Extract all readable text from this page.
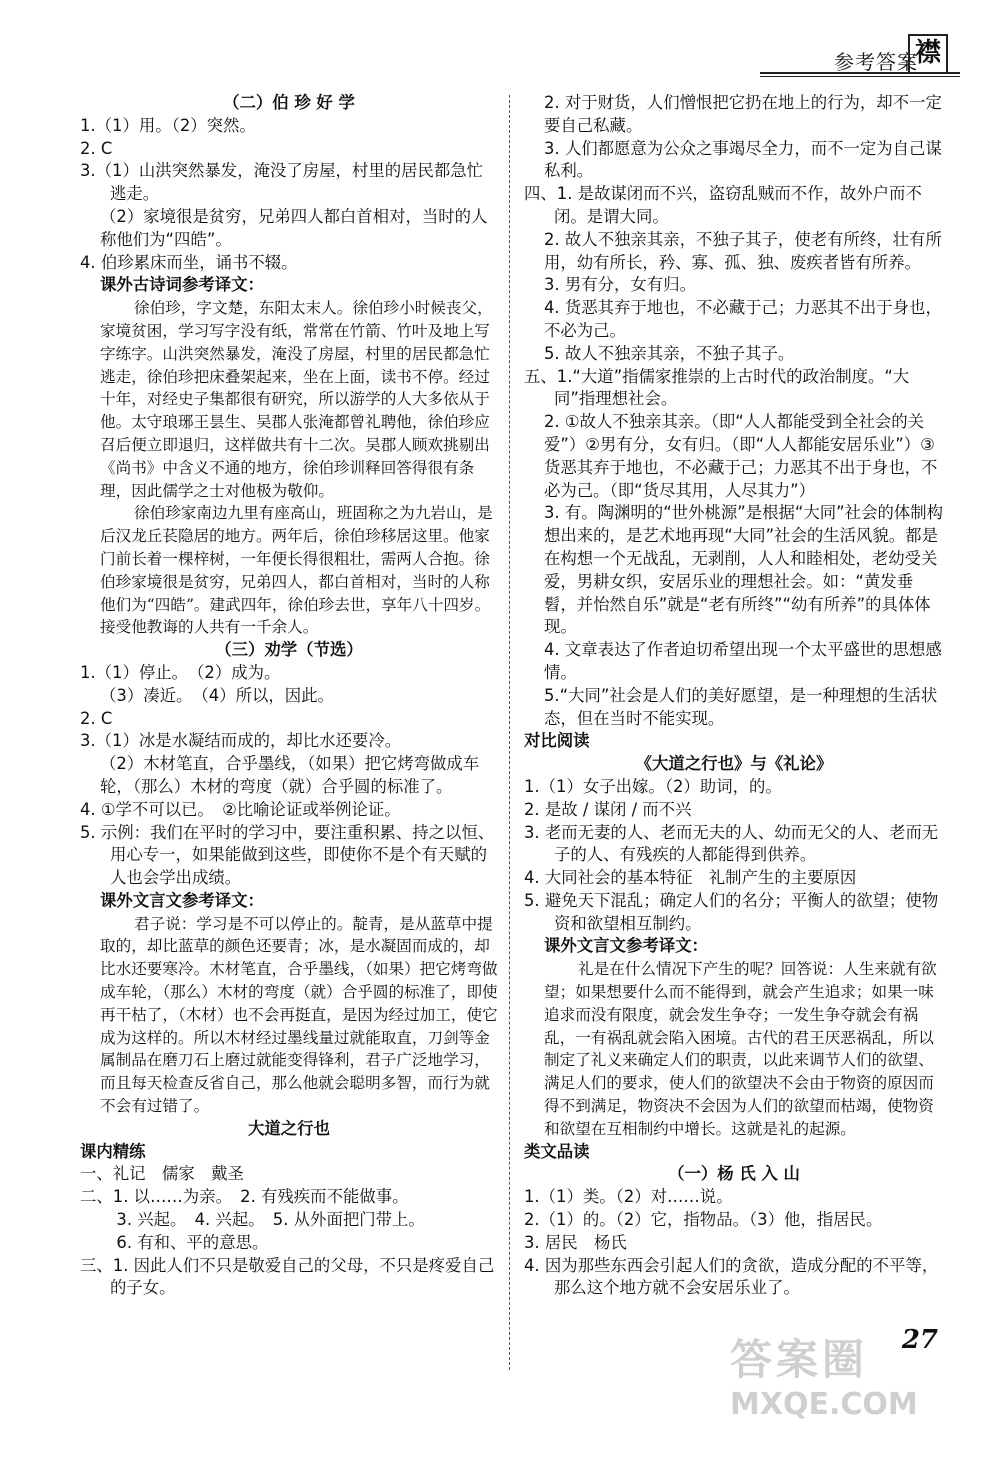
参考答案
襟

（二）伯 珍 好 学

1.（1）用。（2）突然。

2. C

3.（1）山洪突然暴发，淹没了房屋，村里的居民都急忙逃走。

（2）家境很是贫穷，兄弟四人都白首相对，当时的人称他们为“四皓”。

4. 伯珍累床而坐，诵书不辍。

课外古诗词参考译文：

徐伯珍，字文楚，东阳太末人。徐伯珍小时候丧父，家境贫困，学习写字没有纸，常常在竹箭、竹叶及地上写字练字。山洪突然暴发，淹没了房屋，村里的居民都急忙逃走，徐伯珍把床叠架起来，坐在上面，读书不停。经过十年，对经史子集都很有研究，所以游学的人大多依从于他。太守琅琊王昙生、吴郡人张淹都曾礼聘他，徐伯珍应召后便立即退归，这样做共有十二次。吴郡人顾欢挑剔出《尚书》中含义不通的地方，徐伯珍训释回答得很有条理，因此儒学之士对他极为敬仰。

徐伯珍家南边九里有座高山，班固称之为九岩山，是后汉龙丘苌隐居的地方。两年后，徐伯珍移居这里。他家门前长着一棵梓树，一年便长得很粗壮，需两人合抱。徐伯珍家境很是贫穷，兄弟四人，都白首相对，当时的人称他们为“四皓”。建武四年，徐伯珍去世，享年八十四岁。接受他教诲的人共有一千余人。

（三）劝学（节选）

1.（1）停止。　（2）成为。

（3）凑近。　（4）所以，因此。

2. C

3.（1）冰是水凝结而成的，却比水还要冷。

（2）木材笔直，合乎墨线，（如果）把它烤弯做成车轮，（那么）木材的弯度（就）合乎圆的标准了。

4. ①学不可以已。　②比喻论证或举例论证。

5. 示例：我们在平时的学习中，要注重积累、持之以恒、用心专一，如果能做到这些，即使你不是个有天赋的人也会学出成绩。

课外文言文参考译文：

君子说：学习是不可以停止的。靛青，是从蓝草中提取的，却比蓝草的颜色还要青；冰，是水凝固而成的，却比水还要寒冷。木材笔直，合乎墨线，（如果）把它烤弯做成车轮，（那么）木材的弯度（就）合乎圆的标准了，即使再干枯了，（木材）也不会再挺直，是因为经过加工，使它成为这样的。所以木材经过墨线量过就能取直，刀剑等金属制品在磨刀石上磨过就能变得锋利，君子广泛地学习，而且每天检查反省自己，那么他就会聪明多智，而行为就不会有过错了。

大道之行也

课内精练

一、礼记　儒家　戴圣

二、1. 以……为亲。　2. 有残疾而不能做事。

　3. 兴起。　4. 兴起。　5. 从外面把门带上。

　6. 有和、平的意思。

三、1. 因此人们不只是敬爱自己的父母，不只是疼爱自己的子女。

2. 对于财货，人们憎恨把它扔在地上的行为，却不一定要自己私藏。

3. 人们都愿意为公众之事竭尽全力，而不一定为自己谋私利。

四、1. 是故谋闭而不兴，盗窃乱贼而不作，故外户而不闭。是谓大同。

2. 故人不独亲其亲，不独子其子，使老有所终，壮有所用，幼有所长，矜、寡、孤、独、废疾者皆有所养。

3. 男有分，女有归。

4. 货恶其弃于地也，不必藏于己；力恶其不出于身也，不必为己。

5. 故人不独亲其亲，不独子其子。

五、1.“大道”指儒家推崇的上古时代的政治制度。“大同”指理想社会。

2. ①故人不独亲其亲。（即“人人都能受到全社会的关爱”）②男有分，女有归。（即“人人都能安居乐业”）③货恶其弃于地也，不必藏于己；力恶其不出于身也，不必为己。（即“货尽其用，人尽其力”）

3. 有。陶渊明的“世外桃源”是根据“大同”社会的体制构想出来的，是艺术地再现“大同”社会的生活风貌。都是在构想一个无战乱，无剥削，人人和睦相处，老幼受关爱，男耕女织，安居乐业的理想社会。如：“黄发垂髫，并怡然自乐”就是“老有所终”“幼有所养”的具体体现。

4. 文章表达了作者迫切希望出现一个太平盛世的思想感情。

5.“大同”社会是人们的美好愿望，是一种理想的生活状态，但在当时不能实现。

对比阅读

《大道之行也》与《礼论》

1.（1）女子出嫁。（2）助词，的。

2. 是故 / 谋闭 / 而不兴

3. 老而无妻的人、老而无夫的人、幼而无父的人、老而无子的人、有残疾的人都能得到供养。

4. 大同社会的基本特征　礼制产生的主要原因

5. 避免天下混乱；确定人们的名分；平衡人的欲望；使物资和欲望相互制约。

课外文言文参考译文：

礼是在什么情况下产生的呢？回答说：人生来就有欲望；如果想要什么而不能得到，就会产生追求；如果一味追求而没有限度，就会发生争夺；一发生争夺就会有祸乱，一有祸乱就会陷入困境。古代的君王厌恶祸乱，所以制定了礼义来确定人们的职责，以此来调节人们的欲望、满足人们的要求，使人们的欲望决不会由于物资的原因而得不到满足，物资决不会因为人们的欲望而枯竭，使物资和欲望在互相制约中增长。这就是礼的起源。

类文品读

（一）杨 氏 入 山

1.（1）类。（2）对……说。

2.（1）的。（2）它，指物品。（3）他，指居民。

3. 居民　杨氏

4. 因为那些东西会引起人们的贪欲，造成分配的不平等，那么这个地方就不会安居乐业了。

27
答案圈
MXQE.COM
